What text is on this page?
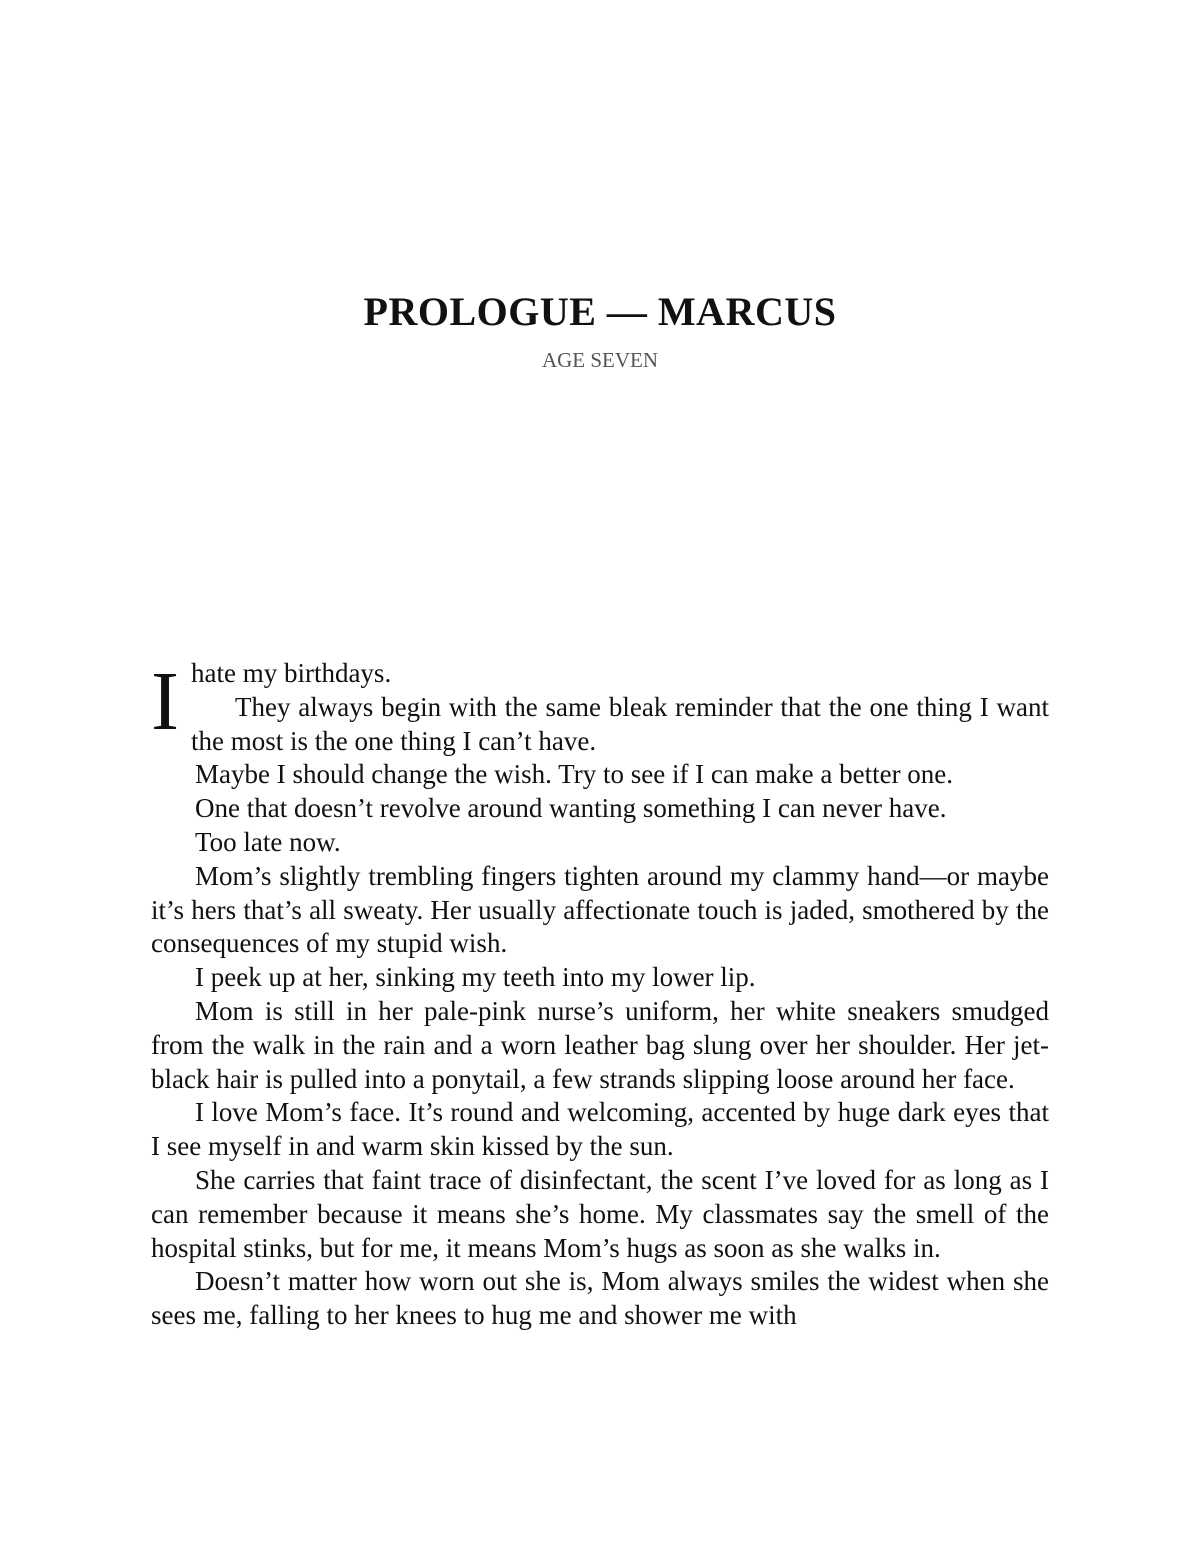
PROLOGUE — MARCUS
AGE SEVEN
I hate my birthdays.

They always begin with the same bleak reminder that the one thing I want the most is the one thing I can’t have.

Maybe I should change the wish. Try to see if I can make a better one.

One that doesn’t revolve around wanting something I can never have.

Too late now.

Mom’s slightly trembling fingers tighten around my clammy hand—or maybe it’s hers that’s all sweaty. Her usually affectionate touch is jaded, smothered by the consequences of my stupid wish.

I peek up at her, sinking my teeth into my lower lip.

Mom is still in her pale-pink nurse’s uniform, her white sneakers smudged from the walk in the rain and a worn leather bag slung over her shoulder. Her jet-black hair is pulled into a ponytail, a few strands slipping loose around her face.

I love Mom’s face. It’s round and welcoming, accented by huge dark eyes that I see myself in and warm skin kissed by the sun.

She carries that faint trace of disinfectant, the scent I’ve loved for as long as I can remember because it means she’s home. My classmates say the smell of the hospital stinks, but for me, it means Mom’s hugs as soon as she walks in.

Doesn’t matter how worn out she is, Mom always smiles the widest when she sees me, falling to her knees to hug me and shower me with
